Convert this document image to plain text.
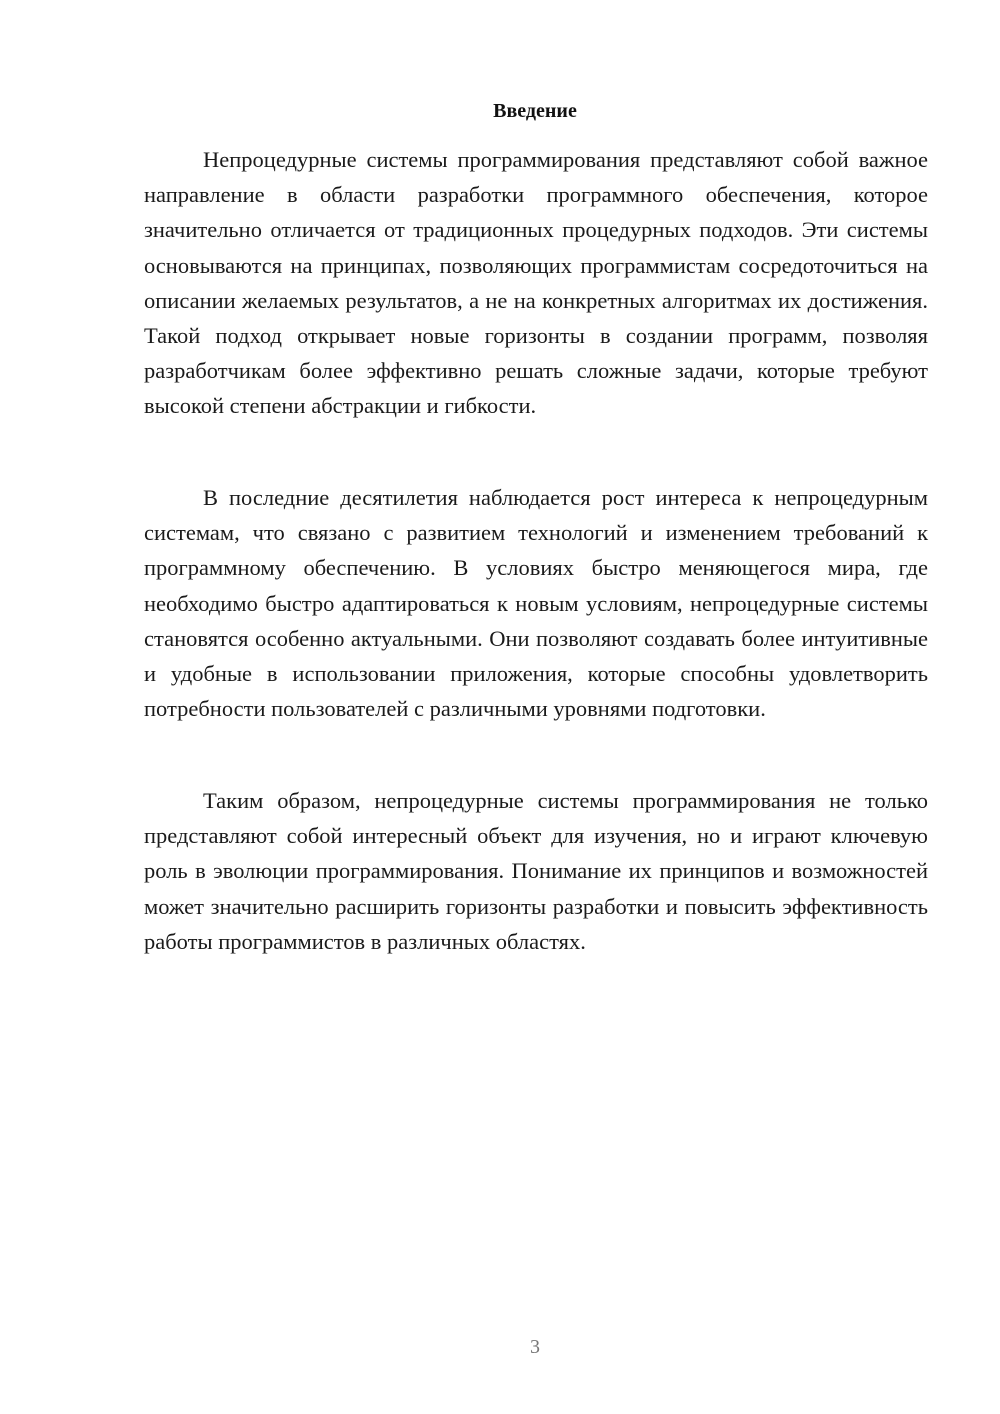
Введение

Непроцедурные системы программирования представляют собой важное направление в области разработки программного обеспечения, которое значительно отличается от традиционных процедурных подходов. Эти системы основываются на принципах, позволяющих программистам сосредоточиться на описании желаемых результатов, а не на конкретных алгоритмах их достижения. Такой подход открывает новые горизонты в создании программ, позволяя разработчикам более эффективно решать сложные задачи, которые требуют высокой степени абстракции и гибкости.

В последние десятилетия наблюдается рост интереса к непроцедурным системам, что связано с развитием технологий и изменением требований к программному обеспечению. В условиях быстро меняющегося мира, где необходимо быстро адаптироваться к новым условиям, непроцедурные системы становятся особенно актуальными. Они позволяют создавать более интуитивные и удобные в использовании приложения, которые способны удовлетворить потребности пользователей с различными уровнями подготовки.

Таким образом, непроцедурные системы программирования не только представляют собой интересный объект для изучения, но и играют ключевую роль в эволюции программирования. Понимание их принципов и возможностей может значительно расширить горизонты разработки и повысить эффективность работы программистов в различных областях.

3
